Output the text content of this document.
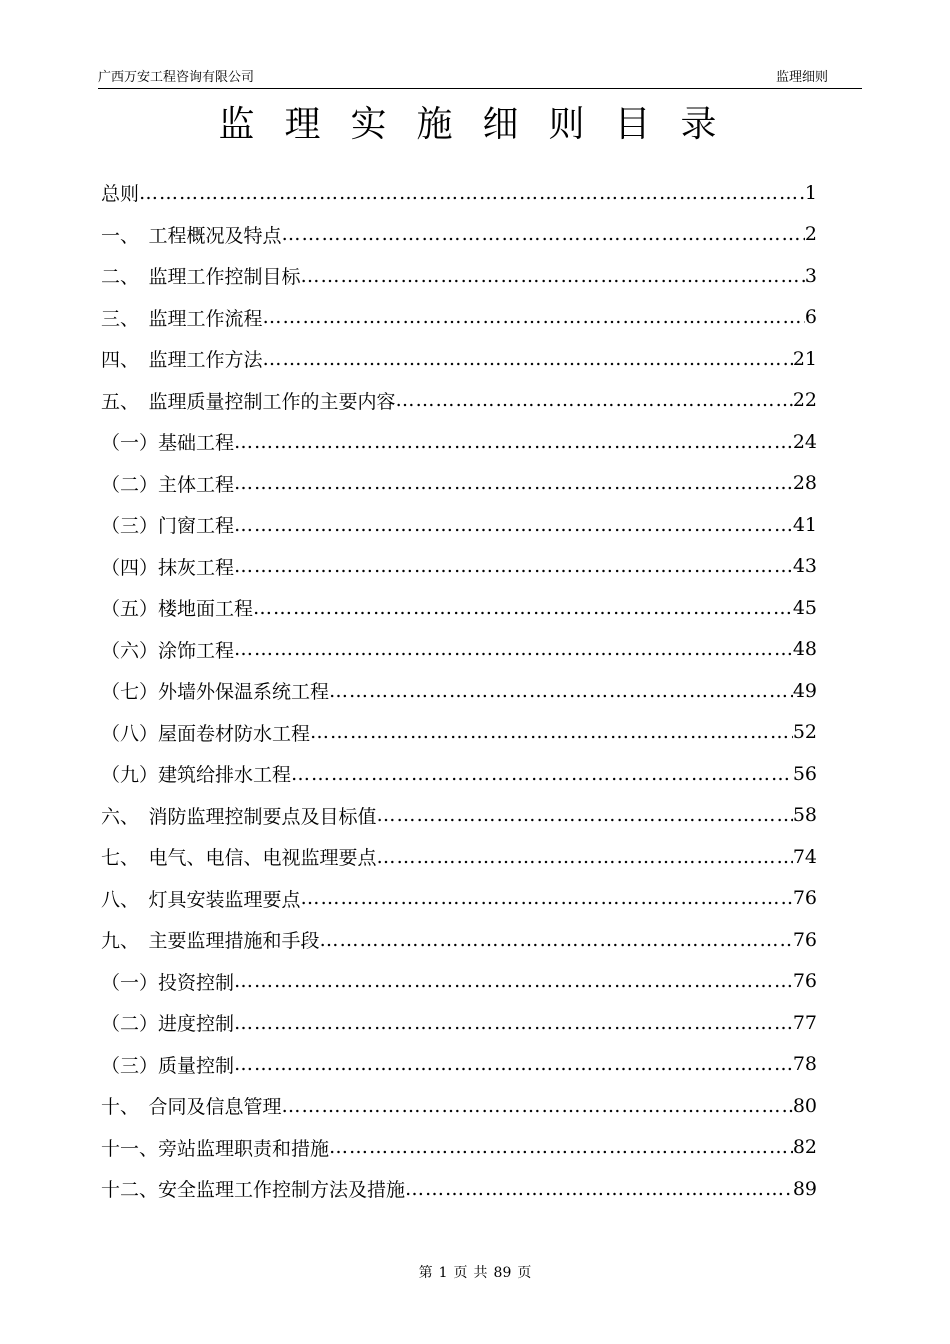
广西万安工程咨询有限公司	监理细则
监理实施细则目录
总则 …………………………………………………………………………………………………………………………………………………………	1
一、　工程概况及特点 …………………………………………………………………………………………………………………………………………………………	2
二、　监理工作控制目标 …………………………………………………………………………………………………………………………………………………………	3
三、　监理工作流程 …………………………………………………………………………………………………………………………………………………………	6
四、　监理工作方法 …………………………………………………………………………………………………………………………………………………………	21
五、　监理质量控制工作的主要内容 …………………………………………………………………………………………………………………………………………………………	22
（一）基础工程 …………………………………………………………………………………………………………………………………………………………	24
（二）主体工程 …………………………………………………………………………………………………………………………………………………………	28
（三）门窗工程 …………………………………………………………………………………………………………………………………………………………	41
（四）抹灰工程 …………………………………………………………………………………………………………………………………………………………	43
（五）楼地面工程 …………………………………………………………………………………………………………………………………………………………	45
（六）涂饰工程 …………………………………………………………………………………………………………………………………………………………	48
（七）外墙外保温系统工程 …………………………………………………………………………………………………………………………………………………………	49
（八）屋面卷材防水工程 …………………………………………………………………………………………………………………………………………………………	52
（九）建筑给排水工程 …………………………………………………………………………………………………………………………………………………………	56
六、　消防监理控制要点及目标值 …………………………………………………………………………………………………………………………………………………………	58
七、　电气、电信、电视监理要点 …………………………………………………………………………………………………………………………………………………………	74
八、　灯具安装监理要点 …………………………………………………………………………………………………………………………………………………………	76
九、　主要监理措施和手段 …………………………………………………………………………………………………………………………………………………………	76
（一）投资控制 …………………………………………………………………………………………………………………………………………………………	76
（二）进度控制 …………………………………………………………………………………………………………………………………………………………	77
（三）质量控制 …………………………………………………………………………………………………………………………………………………………	78
十、　合同及信息管理 …………………………………………………………………………………………………………………………………………………………	80
十一、旁站监理职责和措施 …………………………………………………………………………………………………………………………………………………………	82
十二、安全监理工作控制方法及措施 …………………………………………………………………………………………………………………………………………………………	89
第 1 页 共 89 页
